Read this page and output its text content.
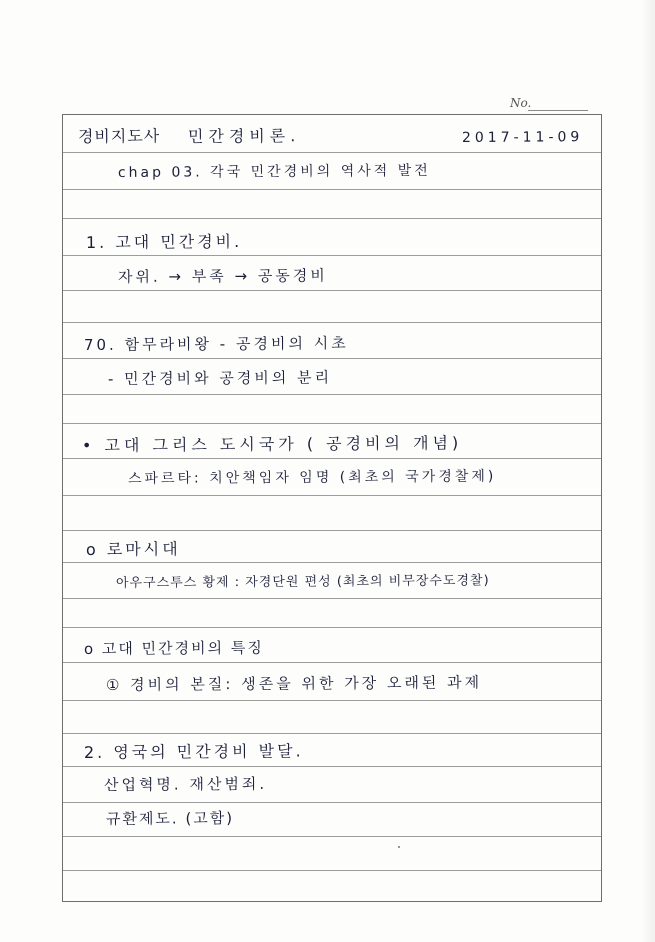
No.
경비지도사 민간경비론.	2017-11-09
chap 03. 각국 민간경비의 역사적 발전
1. 고대 민간경비.
자위. → 부족 → 공동경비
70. 함무라비왕 - 공경비의 시초
- 민간경비와 공경비의 분리
• 고대 그리스 도시국가 ( 공경비의 개념)
스파르타: 치안책임자 임명 (최초의 국가경찰제)
o 로마시대
아우구스투스 황제 : 자경단원 편성 (최초의 비무장수도경찰)
o 고대 민간경비의 특징
① 경비의 본질: 생존을 위한 가장 오래된 과제
2. 영국의 민간경비 발달.
산업혁명. 재산범죄.
규환제도. (고함)
